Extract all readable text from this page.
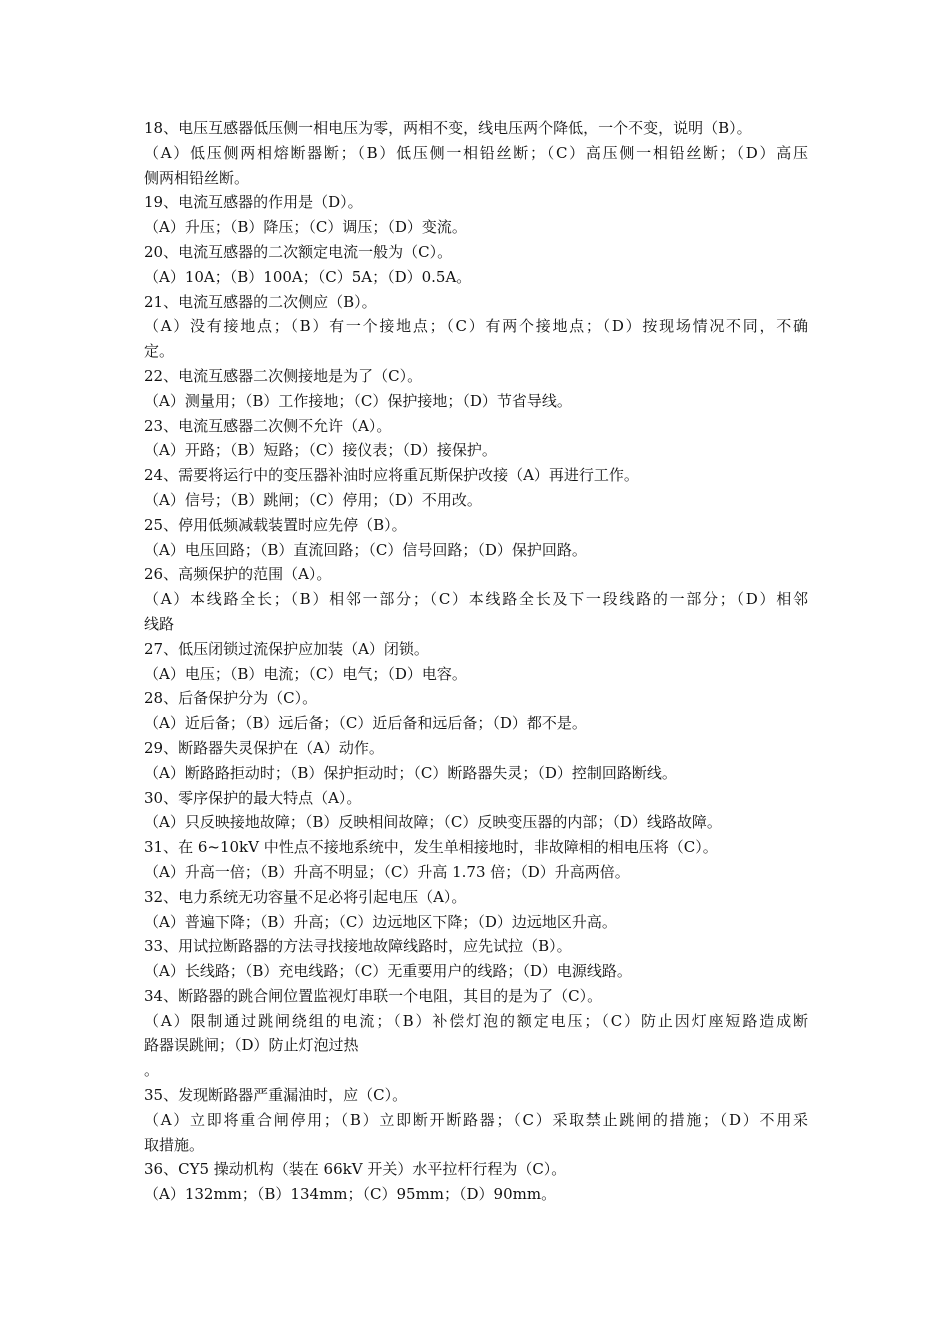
18、电压互感器低压侧一相电压为零，两相不变，线电压两个降低，一个不变，说明（B）。
（A）低压侧两相熔断器断；（B）低压侧一相铅丝断；（C）高压侧一相铅丝断；（D）高压
侧两相铅丝断。
19、电流互感器的作用是（D）。
（A）升压；（B）降压；（C）调压；（D）变流。
20、电流互感器的二次额定电流一般为（C）。
（A）10A；（B）100A；（C）5A；（D）0.5A。
21、电流互感器的二次侧应（B）。
（A）没有接地点；（B）有一个接地点；（C）有两个接地点；（D）按现场情况不同，不确
定。
22、电流互感器二次侧接地是为了（C）。
（A）测量用；（B）工作接地；（C）保护接地；（D）节省导线。
23、电流互感器二次侧不允许（A）。
（A）开路；（B）短路；（C）接仪表；（D）接保护。
24、需要将运行中的变压器补油时应将重瓦斯保护改接（A）再进行工作。
（A）信号；（B）跳闸；（C）停用；（D）不用改。
25、停用低频减载装置时应先停（B）。
（A）电压回路；（B）直流回路；（C）信号回路；（D）保护回路。
26、高频保护的范围（A）。
（A）本线路全长；（B）相邻一部分；（C）本线路全长及下一段线路的一部分；（D）相邻
线路
27、低压闭锁过流保护应加装（A）闭锁。
（A）电压；（B）电流；（C）电气；（D）电容。
28、后备保护分为（C）。
（A）近后备；（B）远后备；（C）近后备和远后备；（D）都不是。
29、断路器失灵保护在（A）动作。
（A）断路路拒动时；（B）保护拒动时；（C）断路器失灵；（D）控制回路断线。
30、零序保护的最大特点（A）。
（A）只反映接地故障；（B）反映相间故障；（C）反映变压器的内部；（D）线路故障。
31、在 6~10kV 中性点不接地系统中，发生单相接地时，非故障相的相电压将（C）。
（A）升高一倍；（B）升高不明显；（C）升高 1.73 倍；（D）升高两倍。
32、电力系统无功容量不足必将引起电压（A）。
（A）普遍下降；（B）升高；（C）边远地区下降；（D）边远地区升高。
33、用试拉断路器的方法寻找接地故障线路时，应先试拉（B）。
（A）长线路；（B）充电线路；（C）无重要用户的线路；（D）电源线路。
34、断路器的跳合闸位置监视灯串联一个电阻，其目的是为了（C）。
（A）限制通过跳闸绕组的电流；（B）补偿灯泡的额定电压；（C）防止因灯座短路造成断
路器误跳闸；（D）防止灯泡过热
。
35、发现断路器严重漏油时，应（C）。
（A）立即将重合闸停用；（B）立即断开断路器；（C）采取禁止跳闸的措施；（D）不用采
取措施。
36、CY5 操动机构（装在 66kV 开关）水平拉杆行程为（C）。
（A）132mm；（B）134mm；（C）95mm；（D）90mm。
